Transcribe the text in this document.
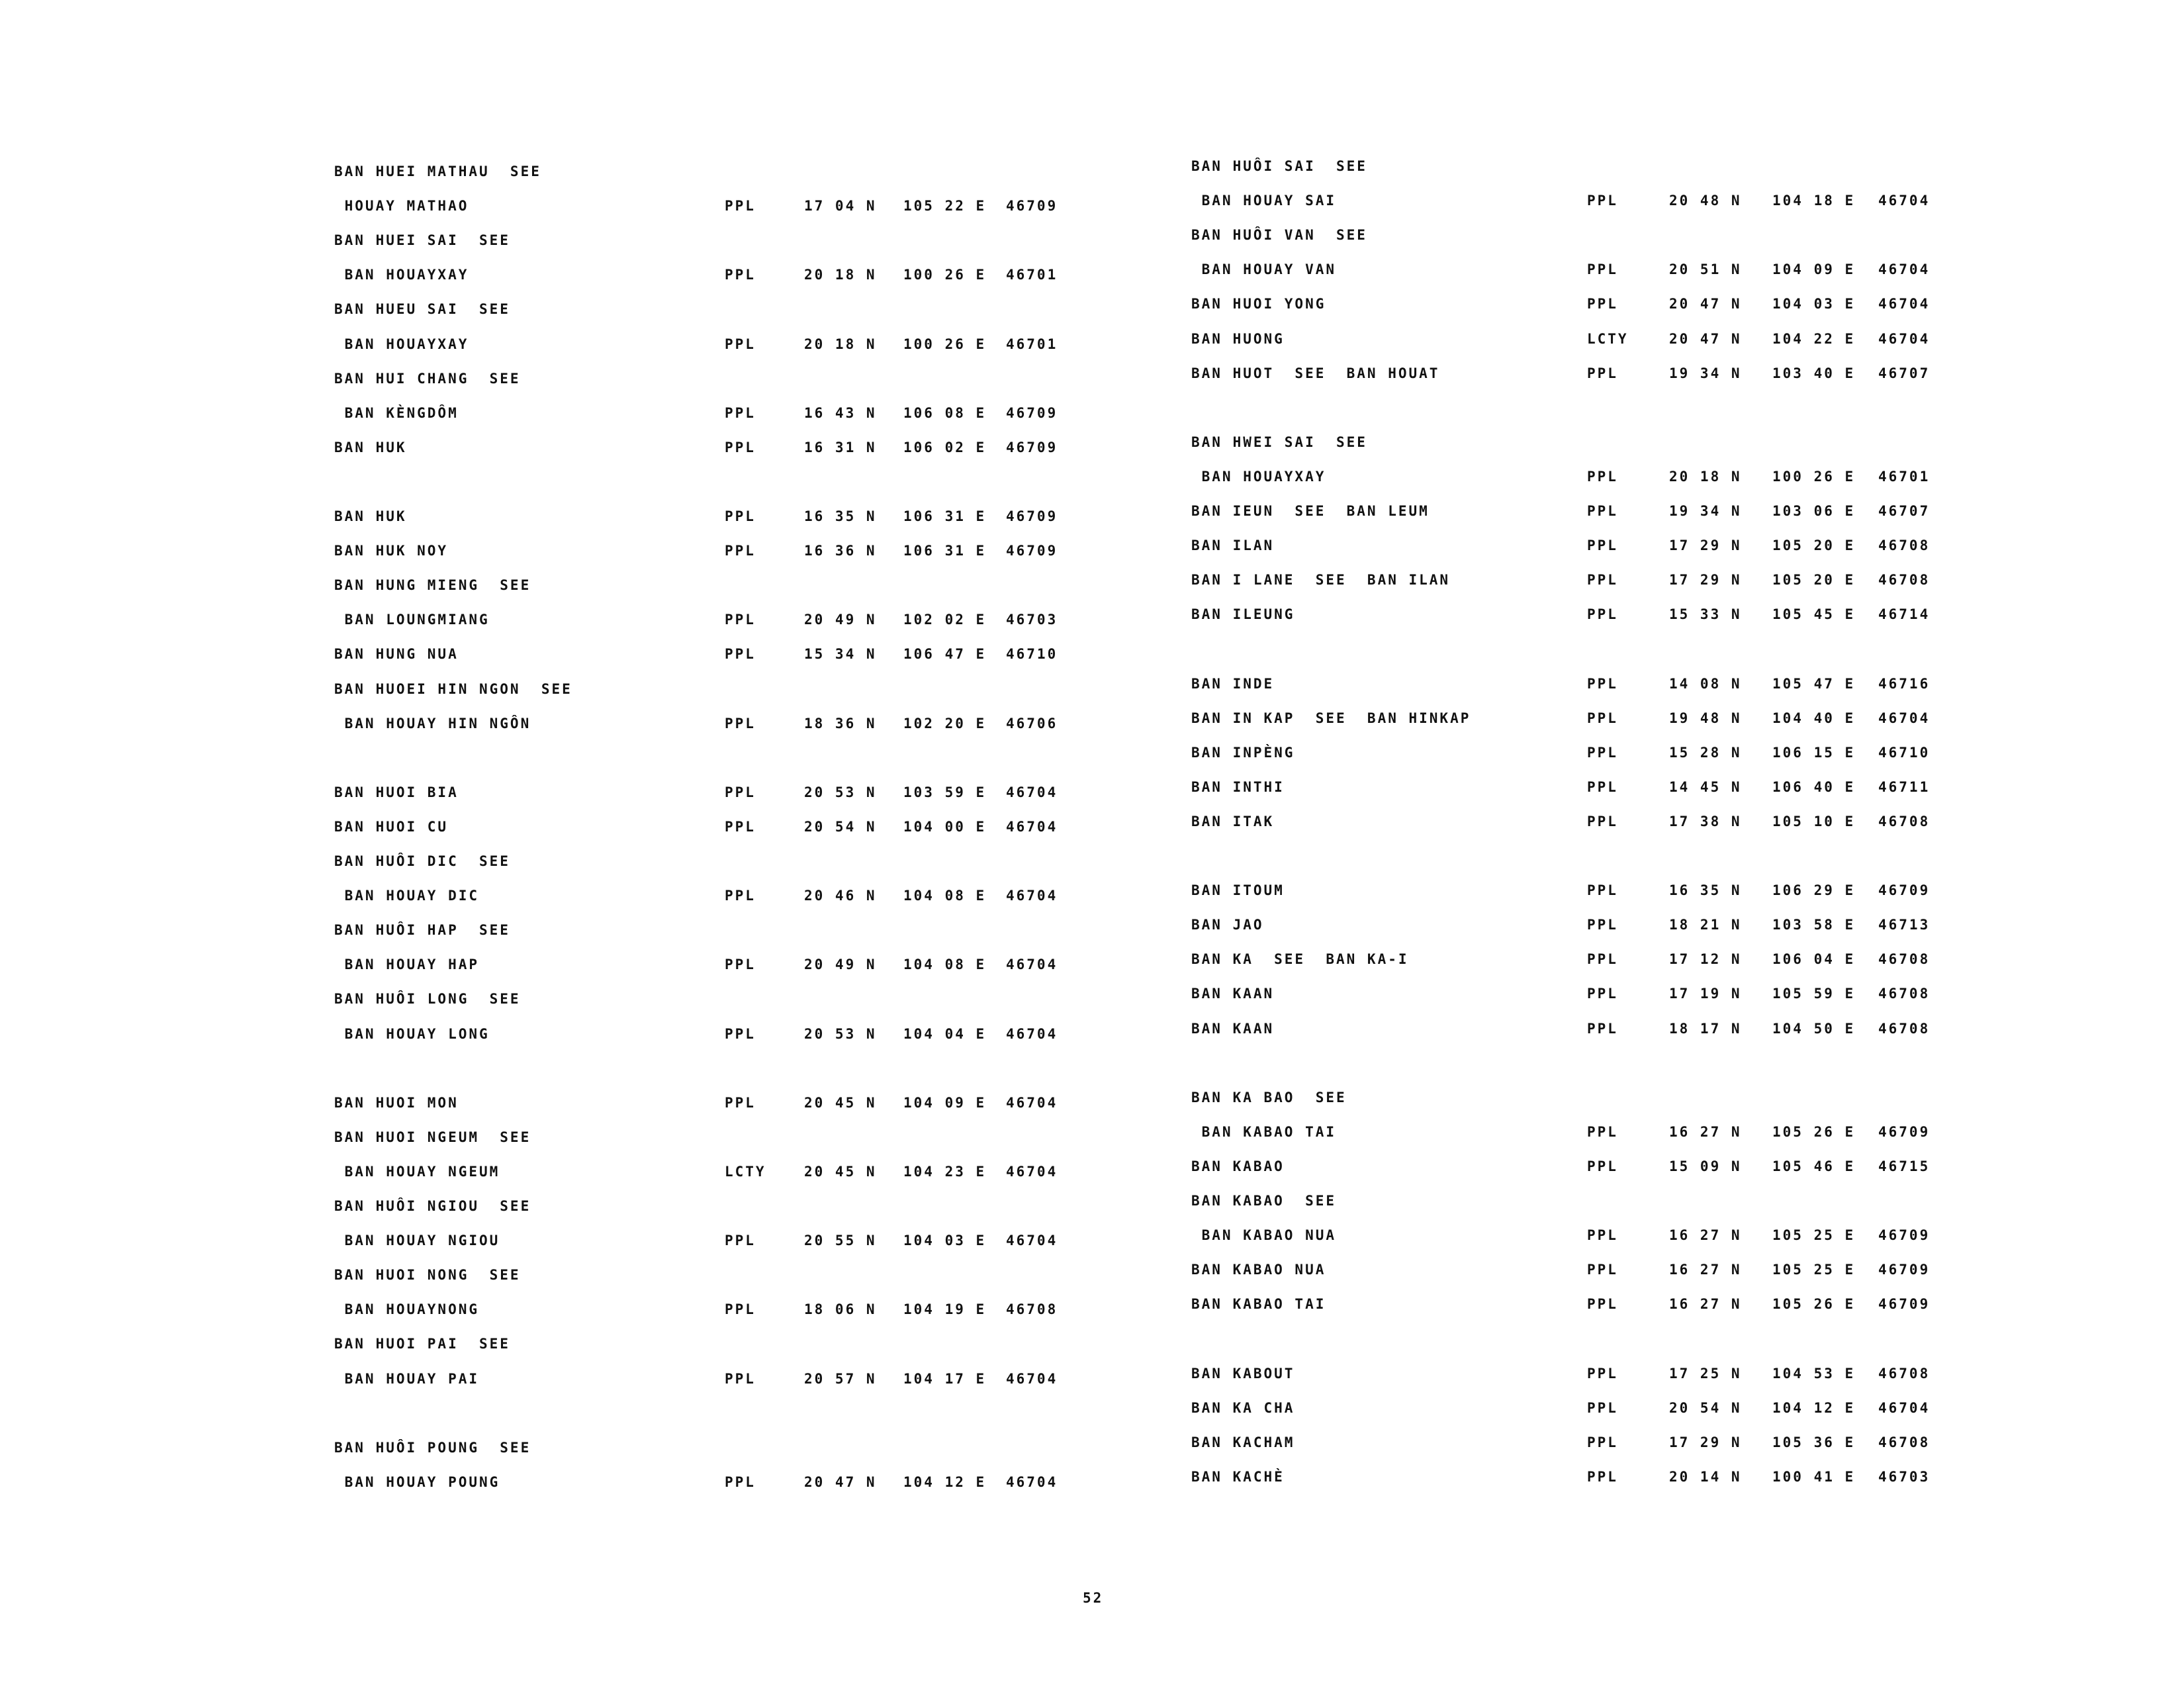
BAN HUEI MATHAU  SEE
HOUAY MATHAO	PPL	17 04 N 105 22 E 46709
BAN HUEI SAI  SEE
BAN HOUAYXAY	PPL	20 18 N 100 26 E 46701
BAN HUEU SAI  SEE
BAN HOUAYXAY	PPL	20 18 N 100 26 E 46701
BAN HUI CHANG  SEE
BAN KÈNGDÔM	PPL	16 43 N 106 08 E 46709
BAN HUK	PPL	16 31 N 106 02 E 46709
BAN HUK	PPL	16 35 N 106 31 E 46709
BAN HUK NOY	PPL	16 36 N 106 31 E 46709
BAN HUNG MIENG  SEE
BAN LOUNGMIANG	PPL	20 49 N 102 02 E 46703
BAN HUNG NUA	PPL	15 34 N 106 47 E 46710
BAN HUOEI HIN NGON  SEE
BAN HOUAY HIN NGÔN	PPL	18 36 N 102 20 E 46706
BAN HUOI BIA	PPL	20 53 N 103 59 E 46704
BAN HUOI CU	PPL	20 54 N 104 00 E 46704
BAN HUÔI DIC  SEE
BAN HOUAY DIC	PPL	20 46 N 104 08 E 46704
BAN HUÔI HAP  SEE
BAN HOUAY HAP	PPL	20 49 N 104 08 E 46704
BAN HUÔI LONG  SEE
BAN HOUAY LONG	PPL	20 53 N 104 04 E 46704
BAN HUOI MON	PPL	20 45 N 104 09 E 46704
BAN HUOI NGEUM  SEE
BAN HOUAY NGEUM	LCTY	20 45 N 104 23 E 46704
BAN HUÔI NGIOU  SEE
BAN HOUAY NGIOU	PPL	20 55 N 104 03 E 46704
BAN HUOI NONG  SEE
BAN HOUAYNONG	PPL	18 06 N 104 19 E 46708
BAN HUOI PAI  SEE
BAN HOUAY PAI	PPL	20 57 N 104 17 E 46704
BAN HUÔI POUNG  SEE
BAN HOUAY POUNG	PPL	20 47 N 104 12 E 46704
BAN HUÔI SAI  SEE
BAN HOUAY SAI	PPL	20 48 N 104 18 E 46704
BAN HUÔI VAN  SEE
BAN HOUAY VAN	PPL	20 51 N 104 09 E 46704
BAN HUOI YONG	PPL	20 47 N 104 03 E 46704
BAN HUONG	LCTY	20 47 N 104 22 E 46704
BAN HUOT  SEE  BAN HOUAT	PPL	19 34 N 103 40 E 46707
BAN HWEI SAI  SEE
BAN HOUAYXAY	PPL	20 18 N 100 26 E 46701
BAN IEUN  SEE  BAN LEUM	PPL	19 34 N 103 06 E 46707
BAN ILAN	PPL	17 29 N 105 20 E 46708
BAN I LANE  SEE  BAN ILAN	PPL	17 29 N 105 20 E 46708
BAN ILEUNG	PPL	15 33 N 105 45 E 46714
BAN INDE	PPL	14 08 N 105 47 E 46716
BAN IN KAP  SEE  BAN HINKAP	PPL	19 48 N 104 40 E 46704
BAN INPÈNG	PPL	15 28 N 106 15 E 46710
BAN INTHI	PPL	14 45 N 106 40 E 46711
BAN ITAK	PPL	17 38 N 105 10 E 46708
BAN ITOUM	PPL	16 35 N 106 29 E 46709
BAN JAO	PPL	18 21 N 103 58 E 46713
BAN KA  SEE  BAN KA-I	PPL	17 12 N 106 04 E 46708
BAN KAAN	PPL	17 19 N 105 59 E 46708
BAN KAAN	PPL	18 17 N 104 50 E 46708
BAN KA BAO  SEE
BAN KABAO TAI	PPL	16 27 N 105 26 E 46709
BAN KABAO	PPL	15 09 N 105 46 E 46715
BAN KABAO  SEE
BAN KABAO NUA	PPL	16 27 N 105 25 E 46709
BAN KABAO NUA	PPL	16 27 N 105 25 E 46709
BAN KABAO TAI	PPL	16 27 N 105 26 E 46709
BAN KABOUT	PPL	17 25 N 104 53 E 46708
BAN KA CHA	PPL	20 54 N 104 12 E 46704
BAN KACHAM	PPL	17 29 N 105 36 E 46708
BAN KACHÈ	PPL	20 14 N 100 41 E 46703
52
